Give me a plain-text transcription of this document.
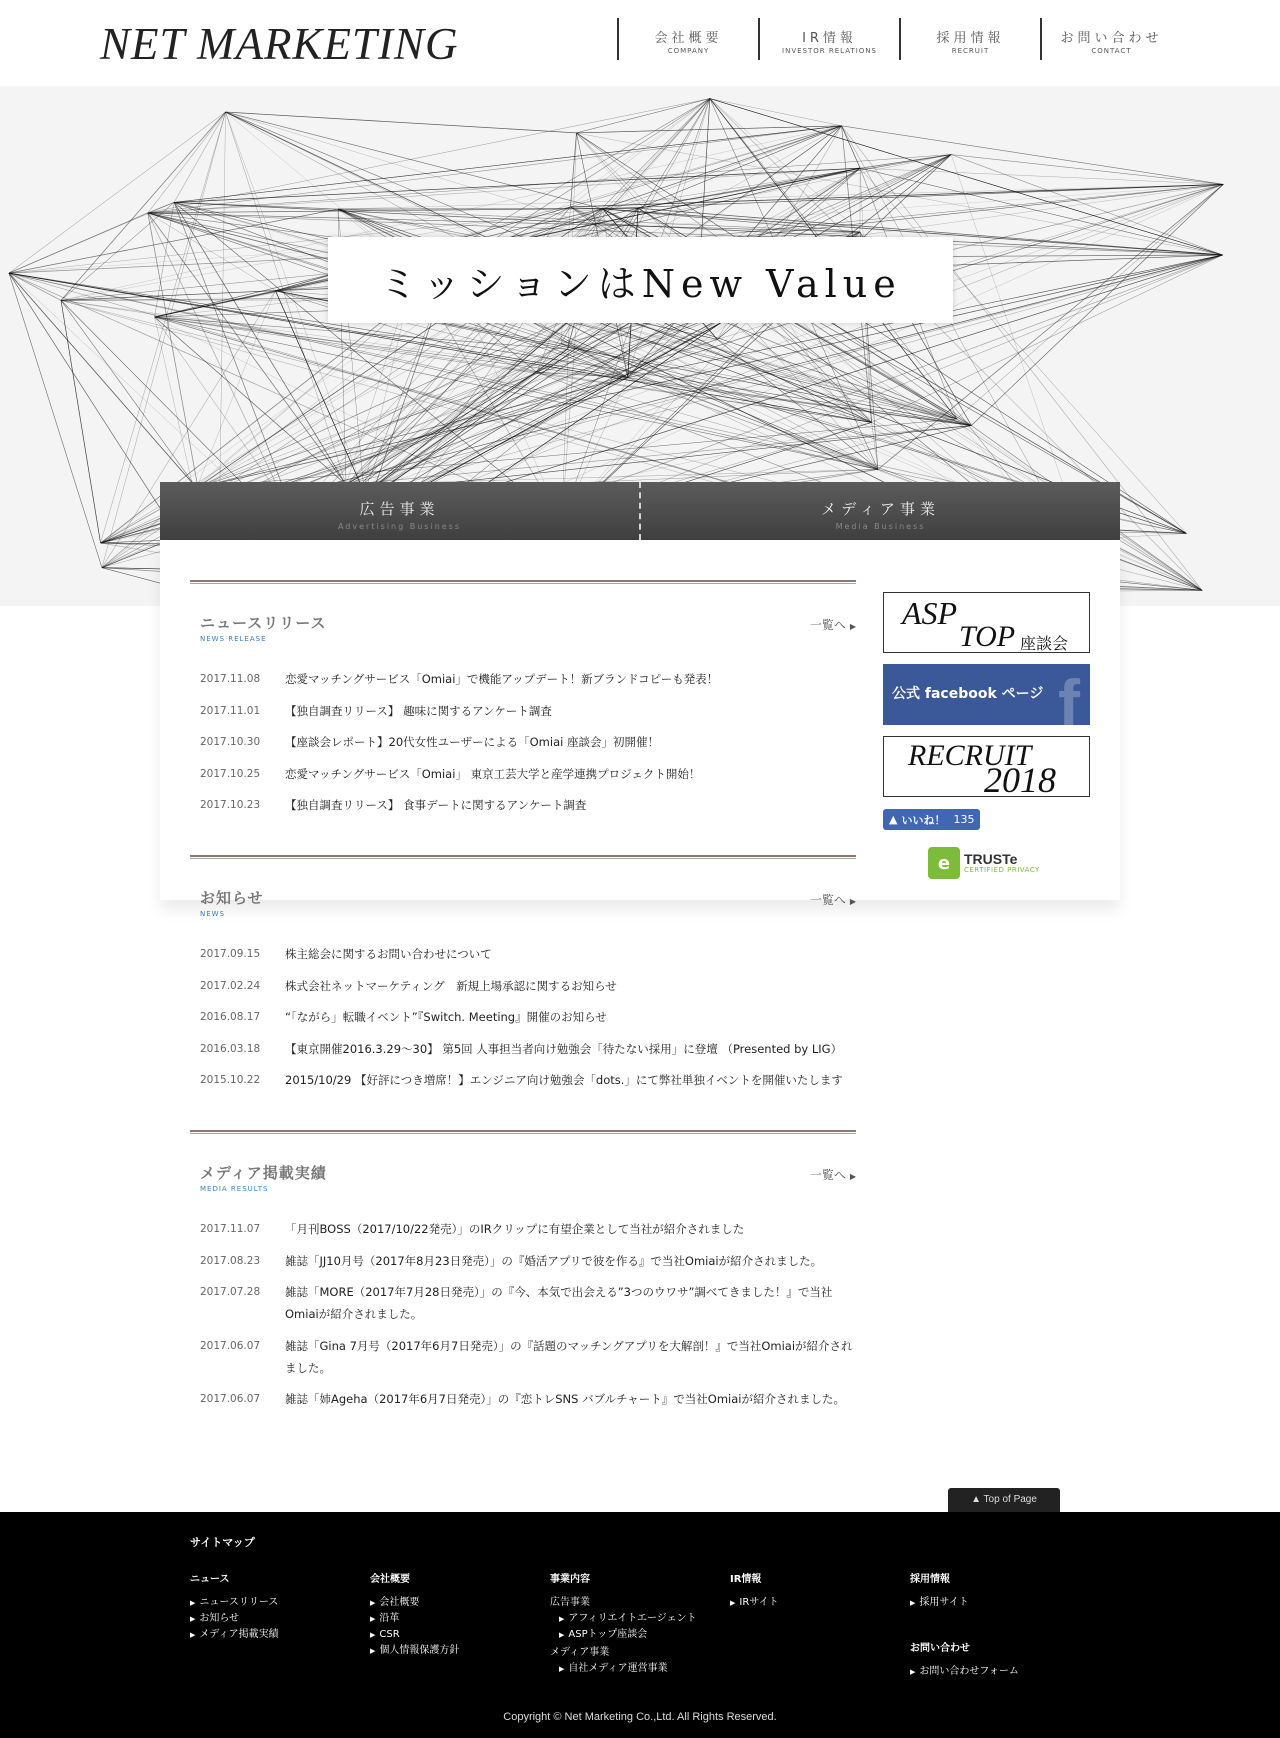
NET MARKETING	会社概要
COMPANY
IR情報
INVESTOR RELATIONS
採用情報
RECRUIT
お問い合わせ
CONTACT
ミッションはNew Value
広告事業
Advertising Business
メディア事業
Media Business
ニュースリリース
NEWS RELEASE
一覧へ ▶
2017.11.08	恋愛マッチングサービス「Omiai」で機能アップデート！新ブランドコピーも発表！
2017.11.01	【独自調査リリース】 趣味に関するアンケート調査
2017.10.30	【座談会レポート】20代女性ユーザーによる「Omiai 座談会」初開催！
2017.10.25	恋愛マッチングサービス「Omiai」 東京工芸大学と産学連携プロジェクト開始！
2017.10.23	【独自調査リリース】 食事デートに関するアンケート調査
お知らせ
NEWS
一覧へ ▶
2017.09.15	株主総会に関するお問い合わせについて
2017.02.24	株式会社ネットマーケティング　新規上場承認に関するお知らせ
2016.08.17	“「ながら」転職イベント”『Switch. Meeting』開催のお知らせ
2016.03.18	【東京開催2016.3.29〜30】 第5回 人事担当者向け勉強会「待たない採用」に登壇 （Presented by LIG）
2015.10.22	2015/10/29 【好評につき増席！】エンジニア向け勉強会「dots.」にて弊社単独イベントを開催いたします
メディア掲載実績
MEDIA RESULTS
一覧へ ▶
2017.11.07	「月刊BOSS（2017/10/22発売）」のIRクリップに有望企業として当社が紹介されました
2017.08.23	雑誌「JJ10月号（2017年8月23日発売）」の『婚活アプリで彼を作る』で当社Omiaiが紹介されました。
2017.07.28	雑誌「MORE（2017年7月28日発売）」の『今、本気で出会える”3つのウワサ”調べてきました！』で当社Omiaiが紹介されました。
2017.06.07	雑誌「Gina 7月号（2017年6月7日発売）」の『話題のマッチングアプリを大解剖！』で当社Omiaiが紹介されました。
2017.06.07	雑誌「姉Ageha（2017年6月7日発売）」の『恋トレSNS バブルチャート』で当社Omiaiが紹介されました。
ASP
TOP 座談会
公式 facebook ページ f
RECRUIT
2018
▲ いいね！ 135
e TRUSTe
CERTIFIED PRIVACY
▲ Top of Page
サイトマップ
ニュース
▶ ニュースリリース
▶ お知らせ
▶ メディア掲載実績
会社概要
▶ 会社概要
▶ 沿革
▶ CSR
▶ 個人情報保護方針
事業内容
広告事業
▶ アフィリエイトエージェント
▶ ASPトップ座談会
メディア事業
▶ 自社メディア運営事業
IR情報
▶ IRサイト
採用情報
▶ 採用サイト
お問い合わせ
▶ お問い合わせフォーム
Copyright © Net Marketing Co.,Ltd. All Rights Reserved.
